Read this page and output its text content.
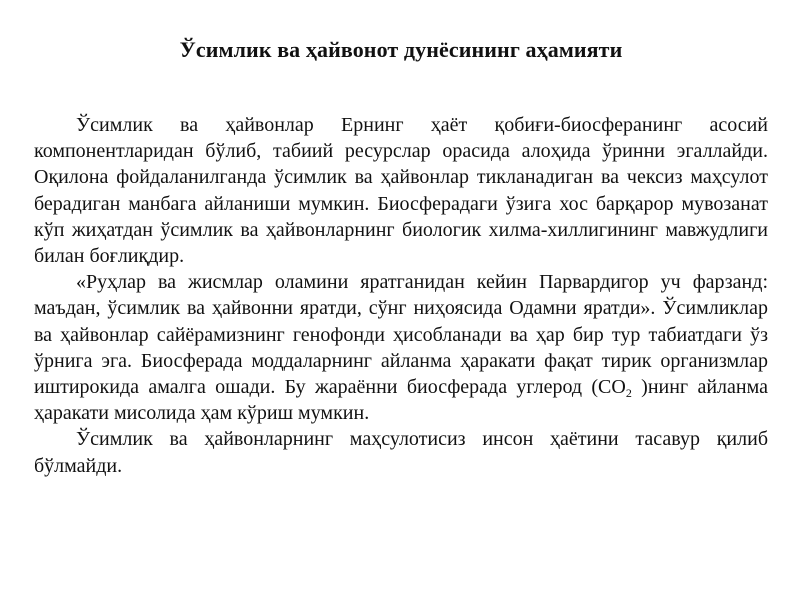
Ўсимлик ва ҳайвонот дунёсининг аҳамияти

Ўсимлик ва ҳайвонлар Ернинг ҳаёт қобиғи-биосферанинг асосий компонентларидан бўлиб, табиий ресурслар орасида алоҳида ўринни эгаллайди. Оқилона фойдаланилганда ўсимлик ва ҳайвонлар тикланадиган ва чексиз маҳсулот берадиган манбага айланиши мумкин. Биосферадаги ўзига хос барқарор мувозанат кўп жиҳатдан ўсимлик ва ҳайвонларнинг биологик хилма-хиллигининг мавжудлиги билан боғлиқдир.

«Руҳлар ва жисмлар оламини яратганидан кейин Парвардигор уч фарзанд: маъдан, ўсимлик ва ҳайвонни яратди, сўнг ниҳоясида Одамни яратди». Ўсимликлар ва ҳайвонлар сайёрамизнинг генофонди ҳисобланади ва ҳар бир тур табиатдаги ўз ўрнига эга. Биосферада моддаларнинг айланма ҳаракати фақат тирик организмлар иштирокида амалга ошади. Бу жараённи биосферада углерод ($CO_2$ )нинг айланма ҳаракати мисолида ҳам кўриш мумкин.

Ўсимлик ва ҳайвонларнинг маҳсулотисиз инсон ҳаётини тасавур қилиб бўлмайди.
